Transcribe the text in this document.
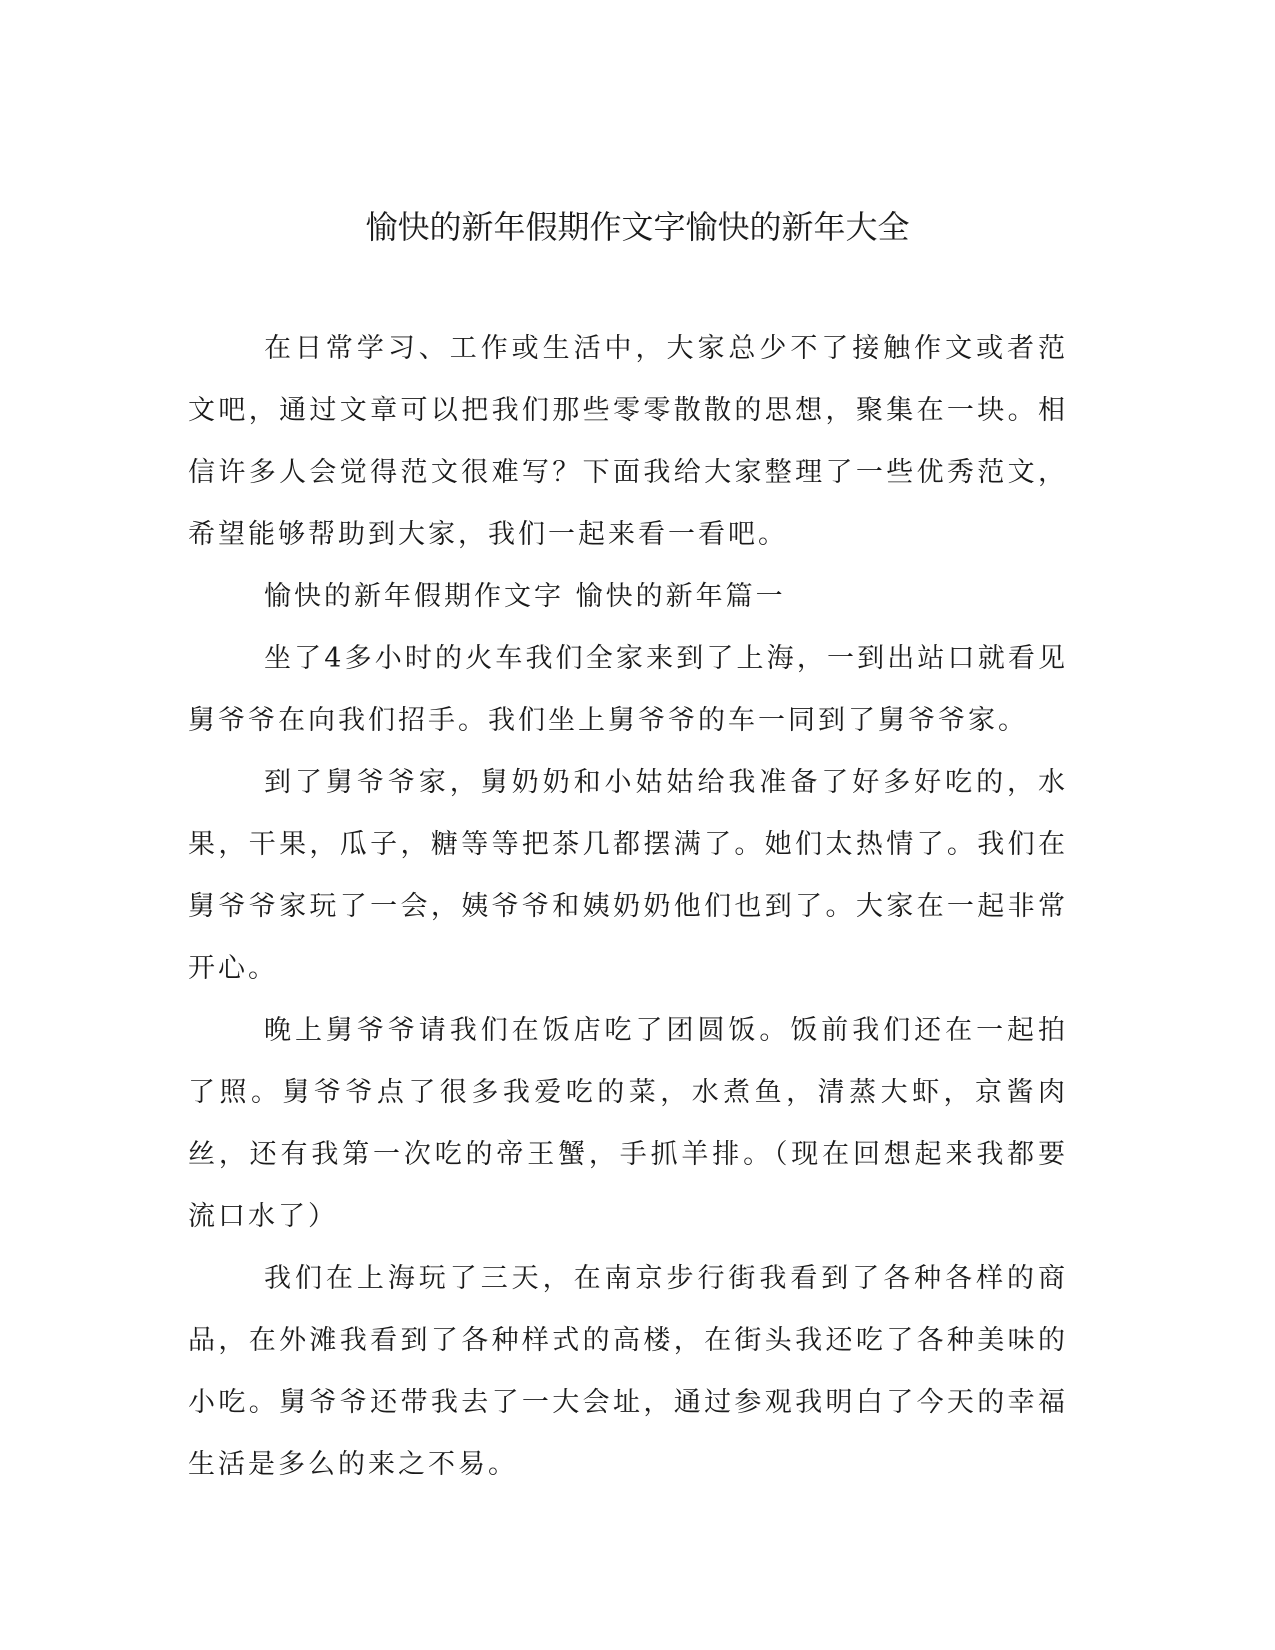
愉快的新年假期作文字愉快的新年大全

在日常学习、工作或生活中，大家总少不了接触作文或者范文吧，通过文章可以把我们那些零零散散的思想，聚集在一块。相信许多人会觉得范文很难写？下面我给大家整理了一些优秀范文，希望能够帮助到大家，我们一起来看一看吧。

愉快的新年假期作文字 愉快的新年篇一

坐了4多小时的火车我们全家来到了上海，一到出站口就看见舅爷爷在向我们招手。我们坐上舅爷爷的车一同到了舅爷爷家。

到了舅爷爷家，舅奶奶和小姑姑给我准备了好多好吃的，水果，干果，瓜子，糖等等把茶几都摆满了。她们太热情了。我们在舅爷爷家玩了一会，姨爷爷和姨奶奶他们也到了。大家在一起非常开心。

晚上舅爷爷请我们在饭店吃了团圆饭。饭前我们还在一起拍了照。舅爷爷点了很多我爱吃的菜，水煮鱼，清蒸大虾，京酱肉丝，还有我第一次吃的帝王蟹，手抓羊排。（现在回想起来我都要流口水了）

我们在上海玩了三天，在南京步行街我看到了各种各样的商品，在外滩我看到了各种样式的高楼，在街头我还吃了各种美味的小吃。舅爷爷还带我去了一大会址，通过参观我明白了今天的幸福生活是多么的来之不易。
